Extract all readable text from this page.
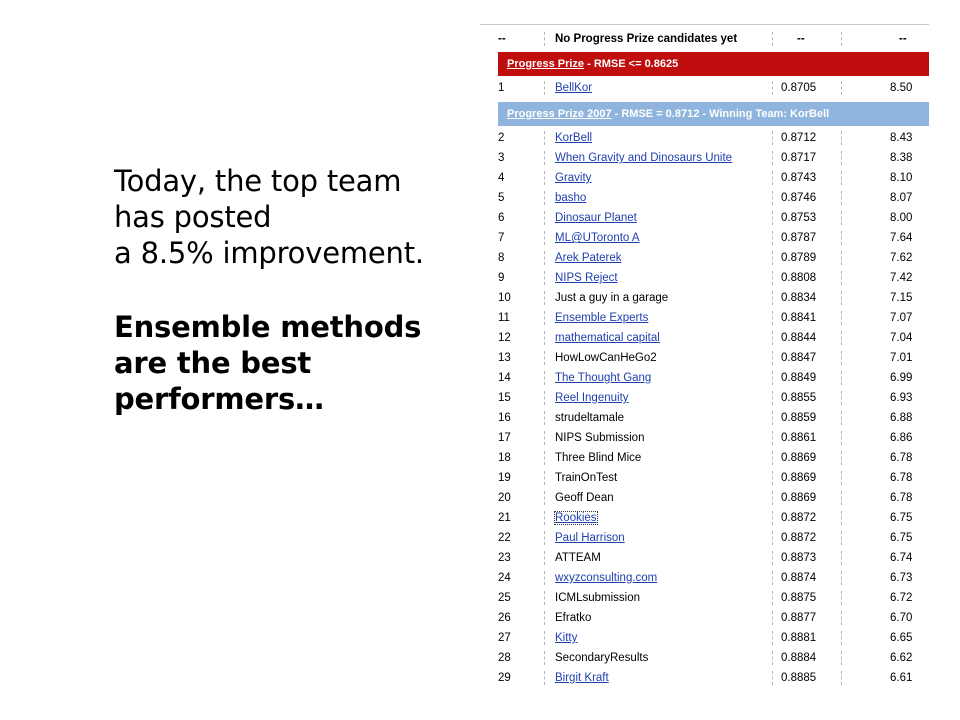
Today, the top team
has posted
a 8.5% improvement.
Ensemble methods
are the best
performers…
--	No Progress Prize candidates yet	--	--
Progress Prize - RMSE <= 0.8625
Progress Prize 2007 - RMSE = 0.8712 - Winning Team: KorBell
1	BellKor	0.8705	8.50
2	KorBell	0.8712	8.43
3	When Gravity and Dinosaurs Unite	0.8717	8.38
4	Gravity	0.8743	8.10
5	basho	0.8746	8.07
6	Dinosaur Planet	0.8753	8.00
7	ML@UToronto A	0.8787	7.64
8	Arek Paterek	0.8789	7.62
9	NIPS Reject	0.8808	7.42
10	Just a guy in a garage	0.8834	7.15
11	Ensemble Experts	0.8841	7.07
12	mathematical capital	0.8844	7.04
13	HowLowCanHeGo2	0.8847	7.01
14	The Thought Gang	0.8849	6.99
15	Reel Ingenuity	0.8855	6.93
16	strudeltamale	0.8859	6.88
17	NIPS Submission	0.8861	6.86
18	Three Blind Mice	0.8869	6.78
19	TrainOnTest	0.8869	6.78
20	Geoff Dean	0.8869	6.78
21	Rookies	0.8872	6.75
22	Paul Harrison	0.8872	6.75
23	ATTEAM	0.8873	6.74
24	wxyzconsulting.com	0.8874	6.73
25	ICMLsubmission	0.8875	6.72
26	Efratko	0.8877	6.70
27	Kitty	0.8881	6.65
28	SecondaryResults	0.8884	6.62
29	Birgit Kraft	0.8885	6.61
